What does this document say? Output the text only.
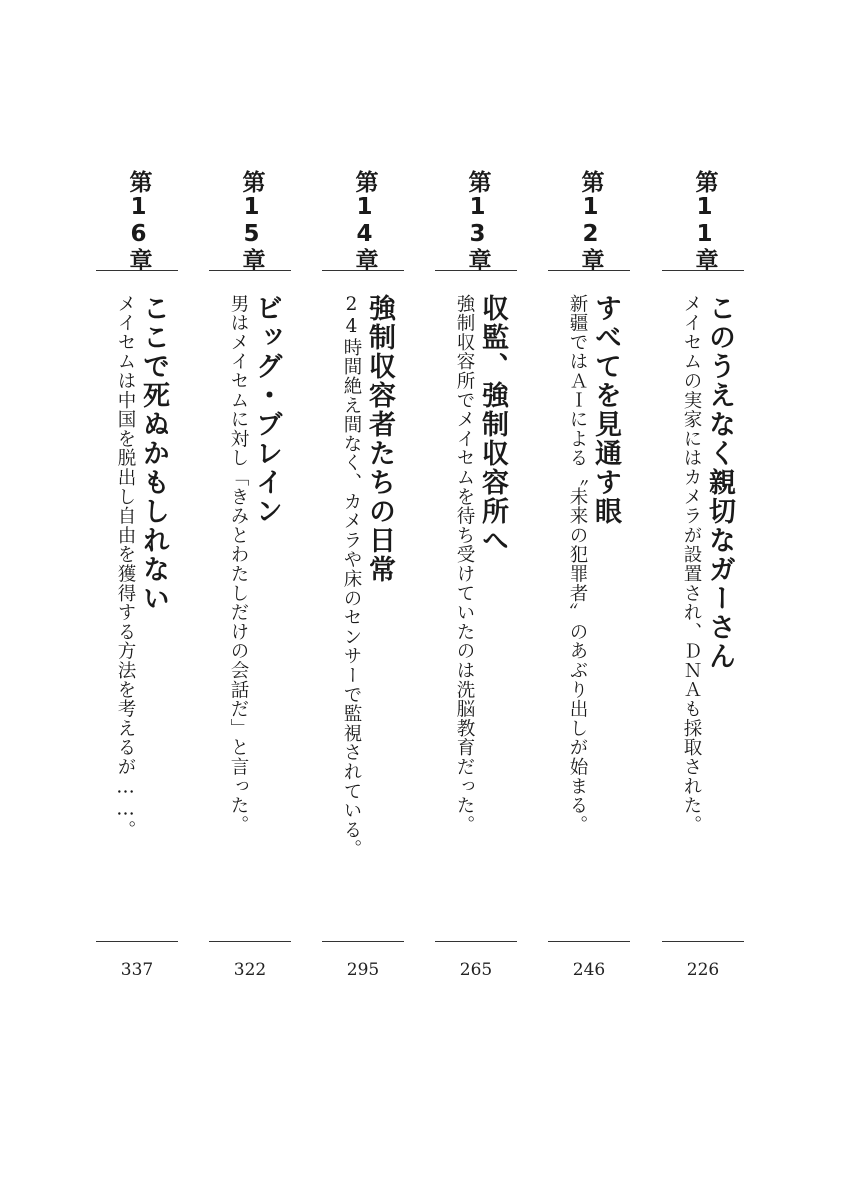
第11章
このうえなく親切なガーさん
メイセムの実家にはカメラが設置され、ＤＮＡも採取された。
226
第12章
すべてを見通す眼
新疆ではＡＩによる〝未来の犯罪者〟のあぶり出しが始まる。
246
第13章
収監、強制収容所へ
強制収容所でメイセムを待ち受けていたのは洗脳教育だった。
265
第14章
強制収容者たちの日常
24時間絶え間なく、カメラや床のセンサーで監視されている。
295
第15章
ビッグ・ブレイン
男はメイセムに対し「きみとわたしだけの会話だ」と言った。
322
第16章
ここで死ぬかもしれない
メイセムは中国を脱出し自由を獲得する方法を考えるが……。
337
